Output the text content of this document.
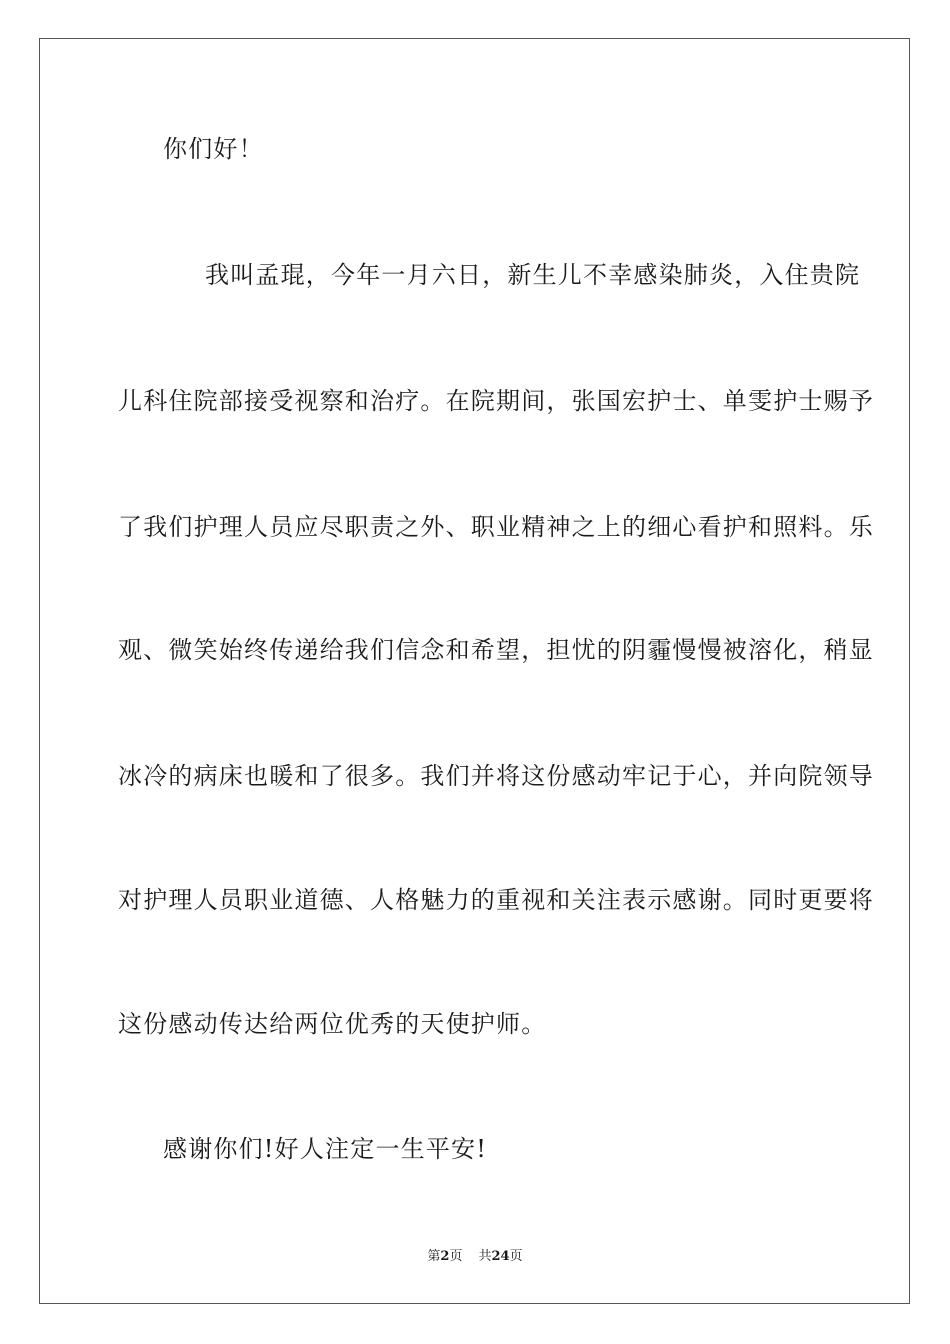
你们好！
我叫孟琨，今年一月六日，新生儿不幸感染肺炎，入住贵院
儿科住院部接受视察和治疗。在院期间，张国宏护士、单雯护士赐予
了我们护理人员应尽职责之外、职业精神之上的细心看护和照料。乐
观、微笑始终传递给我们信念和希望，担忧的阴霾慢慢被溶化，稍显
冰冷的病床也暖和了很多。我们并将这份感动牢记于心，并向院领导
对护理人员职业道德、人格魅力的重视和关注表示感谢。同时更要将
这份感动传达给两位优秀的天使护师。
感谢你们!好人注定一生平安!
第2页 共24页
